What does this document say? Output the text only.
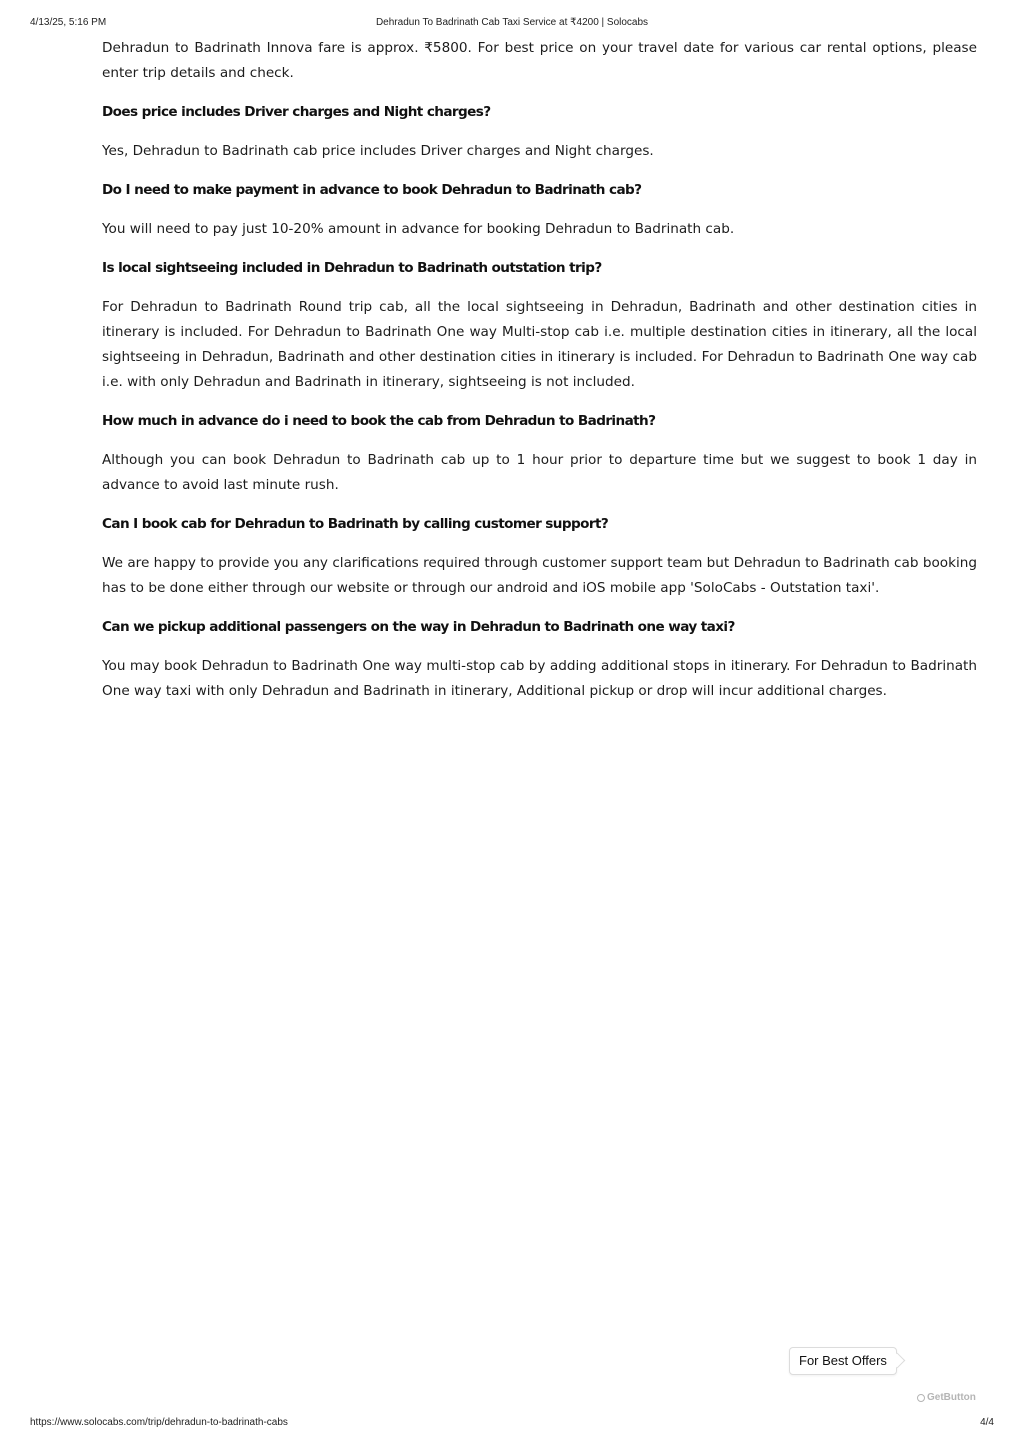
4/13/25, 5:16 PM	Dehradun To Badrinath Cab Taxi Service at ₹4200 | Solocabs

Dehradun to Badrinath Innova fare is approx. ₹5800. For best price on your travel date for various car rental options, please enter trip details and check.

Does price includes Driver charges and Night charges?

Yes, Dehradun to Badrinath cab price includes Driver charges and Night charges.

Do I need to make payment in advance to book Dehradun to Badrinath cab?

You will need to pay just 10-20% amount in advance for booking Dehradun to Badrinath cab.

Is local sightseeing included in Dehradun to Badrinath outstation trip?

For Dehradun to Badrinath Round trip cab, all the local sightseeing in Dehradun, Badrinath and other destination cities in itinerary is included. For Dehradun to Badrinath One way Multi-stop cab i.e. multiple destination cities in itinerary, all the local sightseeing in Dehradun, Badrinath and other destination cities in itinerary is included. For Dehradun to Badrinath One way cab i.e. with only Dehradun and Badrinath in itinerary, sightseeing is not included.

How much in advance do i need to book the cab from Dehradun to Badrinath?

Although you can book Dehradun to Badrinath cab up to 1 hour prior to departure time but we suggest to book 1 day in advance to avoid last minute rush.

Can I book cab for Dehradun to Badrinath by calling customer support?

We are happy to provide you any clarifications required through customer support team but Dehradun to Badrinath cab booking has to be done either through our website or through our android and iOS mobile app 'SoloCabs - Outstation taxi'.

Can we pickup additional passengers on the way in Dehradun to Badrinath one way taxi?

You may book Dehradun to Badrinath One way multi-stop cab by adding additional stops in itinerary. For Dehradun to Badrinath One way taxi with only Dehradun and Badrinath in itinerary, Additional pickup or drop will incur additional charges.

For Best Offers
GetButton
https://www.solocabs.com/trip/dehradun-to-badrinath-cabs	4/4
